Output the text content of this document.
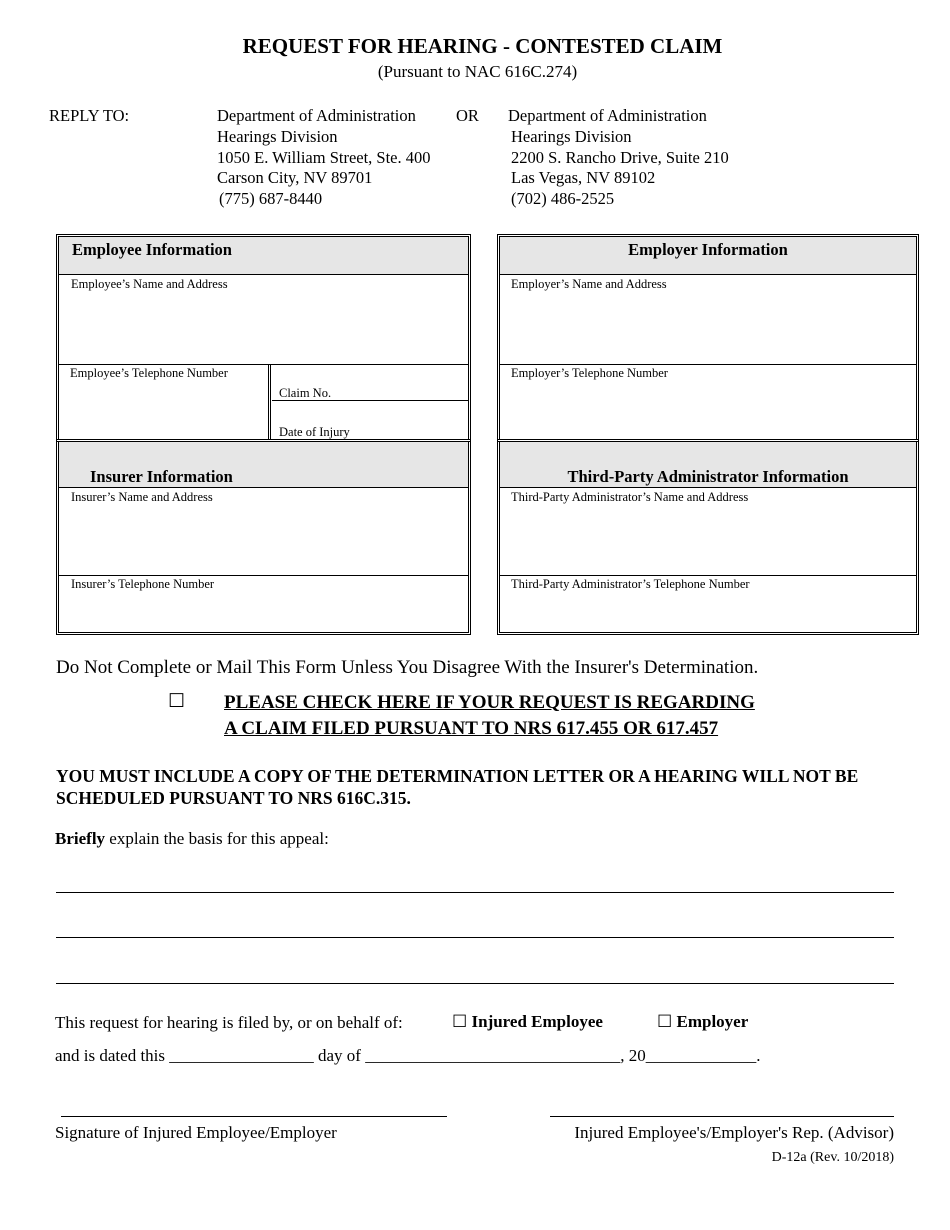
REQUEST FOR HEARING - CONTESTED CLAIM
(Pursuant to NAC 616C.274)
REPLY TO:	Department of Administration
Hearings Division
1050 E. William Street, Ste. 400
Carson City, NV 89701
(775) 687-8440
OR Department of Administration
Hearings Division
2200 S. Rancho Drive, Suite 210
Las Vegas, NV 89102
(702) 486-2525
Employee Information
Employee’s Name and Address
Employee’s Telephone Number
Claim No.
Date of Injury
Employer Information
Employer’s Name and Address
Employer’s Telephone Number
Insurer Information
Insurer’s Name and Address
Insurer’s Telephone Number
Third-Party Administrator Information
Third-Party Administrator’s Name and Address
Third-Party Administrator’s Telephone Number
Do Not Complete or Mail This Form Unless You Disagree With the Insurer's Determination.
☐ PLEASE CHECK HERE IF YOUR REQUEST IS REGARDING
A CLAIM FILED PURSUANT TO NRS 617.455 OR 617.457
YOU MUST INCLUDE A COPY OF THE DETERMINATION LETTER OR A HEARING WILL NOT BE SCHEDULED PURSUANT TO NRS 616C.315.
Briefly explain the basis for this appeal:
This request for hearing is filed by, or on behalf of:	☐ Injured Employee	☐ Employer
and is dated this _________________ day of ______________________________, 20_____________.
Signature of Injured Employee/Employer	Injured Employee's/Employer's Rep. (Advisor)
D-12a (Rev. 10/2018)
